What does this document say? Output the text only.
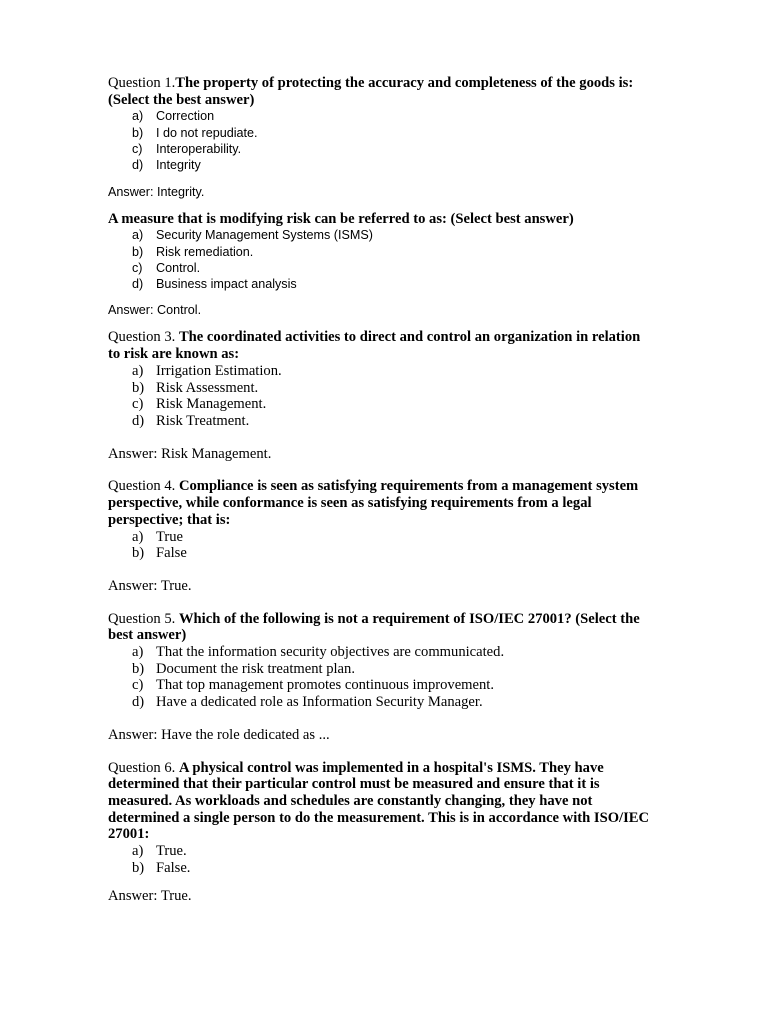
Question 1.The property of protecting the accuracy and completeness of the goods is: (Select the best answer)

a)	Correction
b)	I do not repudiate.
c)	Interoperability.
d)	Integrity

Answer: Integrity.

A measure that is modifying risk can be referred to as: (Select best answer)

a)	Security Management Systems (ISMS)
b)	Risk remediation.
c)	Control.
d)	Business impact analysis

Answer: Control.

Question 3. The coordinated activities to direct and control an organization in relation to risk are known as:

a) Irrigation Estimation.
b) Risk Assessment.
c) Risk Management.
d) Risk Treatment.

Answer: Risk Management.

Question 4. Compliance is seen as satisfying requirements from a management system perspective, while conformance is seen as satisfying requirements from a legal perspective; that is:

a) True
b) False

Answer: True.

Question 5. Which of the following is not a requirement of ISO/IEC 27001? (Select the best answer)

a) That the information security objectives are communicated.
b) Document the risk treatment plan.
c) That top management promotes continuous improvement.
d) Have a dedicated role as Information Security Manager.

Answer: Have the role dedicated as ...

Question 6. A physical control was implemented in a hospital's ISMS. They have determined that their particular control must be measured and ensure that it is measured. As workloads and schedules are constantly changing, they have not determined a single person to do the measurement. This is in accordance with ISO/IEC 27001:

a) True.
b) False.

Answer: True.
